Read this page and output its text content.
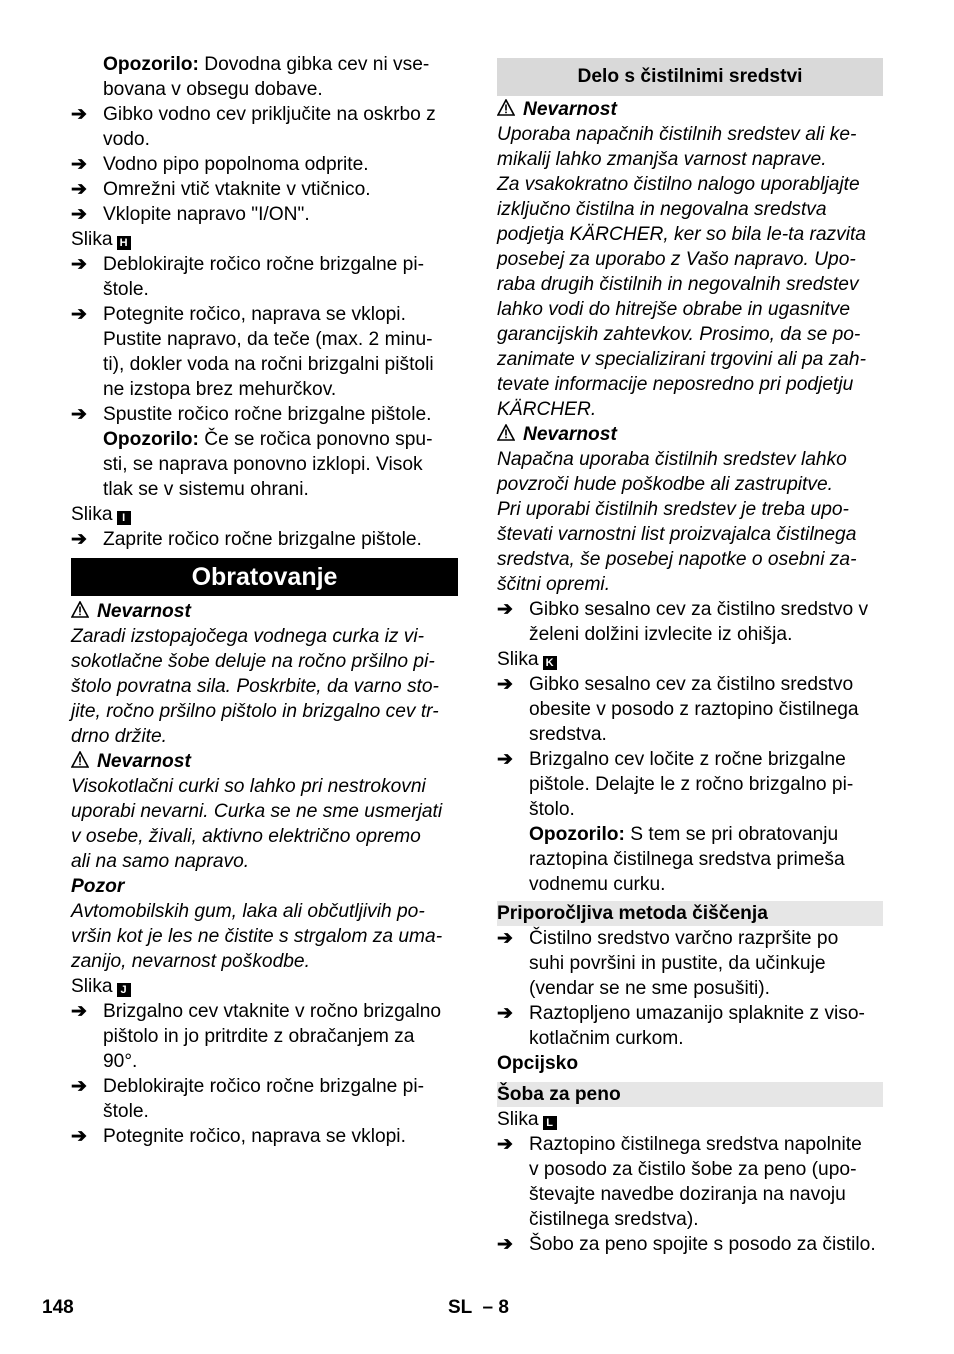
Opozorilo: Dovodna gibka cev ni vse-
bovana v obsegu dobave.
➔ Gibko vodno cev priključite na oskrbo z
vodo.
➔ Vodno pipo popolnoma odprite.
➔ Omrežni vtič vtaknite v vtičnico.
➔ Vklopite napravo "I/ON".
Slika H
➔ Deblokirajte ročico ročne brizgalne pi-
štole.
➔ Potegnite ročico, naprava se vklopi.
Pustite napravo, da teče (max. 2 minu-
ti), dokler voda na ročni brizgalni pištoli
ne izstopa brez mehurčkov.
➔ Spustite ročico ročne brizgalne pištole.
Opozorilo: Če se ročica ponovno spu-
sti, se naprava ponovno izklopi. Visok
tlak se v sistemu ohrani.
Slika I
➔ Zaprite ročico ročne brizgalne pištole.
Obratovanje
Nevarnost
Zaradi izstopajočega vodnega curka iz vi-
sokotlačne šobe deluje na ročno pršilno pi-
štolo povratna sila. Poskrbite, da varno sto-
jite, ročno pršilno pištolo in brizgalno cev tr-
drno držite.
Nevarnost
Visokotlačni curki so lahko pri nestrokovni
uporabi nevarni. Curka se ne sme usmerjati
v osebe, živali, aktivno električno opremo
ali na samo napravo.
Pozor
Avtomobilskih gum, laka ali občutljivih po-
vršin kot je les ne čistite s strgalom za uma-
zanijo, nevarnost poškodbe.
Slika J
➔ Brizgalno cev vtaknite v ročno brizgalno
pištolo in jo pritrdite z obračanjem za
90°.
➔ Deblokirajte ročico ročne brizgalne pi-
štole.
➔ Potegnite ročico, naprava se vklopi.
Delo s čistilnimi sredstvi
Nevarnost
Uporaba napačnih čistilnih sredstev ali ke-
mikalij lahko zmanjša varnost naprave.
Za vsakokratno čistilno nalogo uporabljajte
izključno čistilna in negovalna sredstva
podjetja KÄRCHER, ker so bila le-ta razvita
posebej za uporabo z Vašo napravo. Upo-
raba drugih čistilnih in negovalnih sredstev
lahko vodi do hitrejše obrabe in ugasnitve
garancijskih zahtevkov. Prosimo, da se po-
zanimate v specializirani trgovini ali pa zah-
tevate informacije neposredno pri podjetju
KÄRCHER.
Nevarnost
Napačna uporaba čistilnih sredstev lahko
povzroči hude poškodbe ali zastrupitve.
Pri uporabi čistilnih sredstev je treba upo-
števati varnostni list proizvajalca čistilnega
sredstva, še posebej napotke o osebni za-
ščitni opremi.
➔ Gibko sesalno cev za čistilno sredstvo v
želeni dolžini izvlecite iz ohišja.
Slika K
➔ Gibko sesalno cev za čistilno sredstvo
obesite v posodo z raztopino čistilnega
sredstva.
➔ Brizgalno cev ločite z ročne brizgalne
pištole. Delajte le z ročno brizgalno pi-
štolo.
Opozorilo: S tem se pri obratovanju
raztopina čistilnega sredstva primeša
vodnemu curku.
Priporočljiva metoda čiščenja
➔ Čistilno sredstvo varčno razpršite po
suhi površini in pustite, da učinkuje
(vendar se ne sme posušiti).
➔ Raztopljeno umazanijo splaknite z viso-
kotlačnim curkom.
Opcijsko
Šoba za peno
Slika L
➔ Raztopino čistilnega sredstva napolnite
v posodo za čistilo šobe za peno (upo-
števajte navedbe doziranja na navoju
čistilnega sredstva).
➔ Šobo za peno spojite s posodo za čistilo.
148	SL  – 8
